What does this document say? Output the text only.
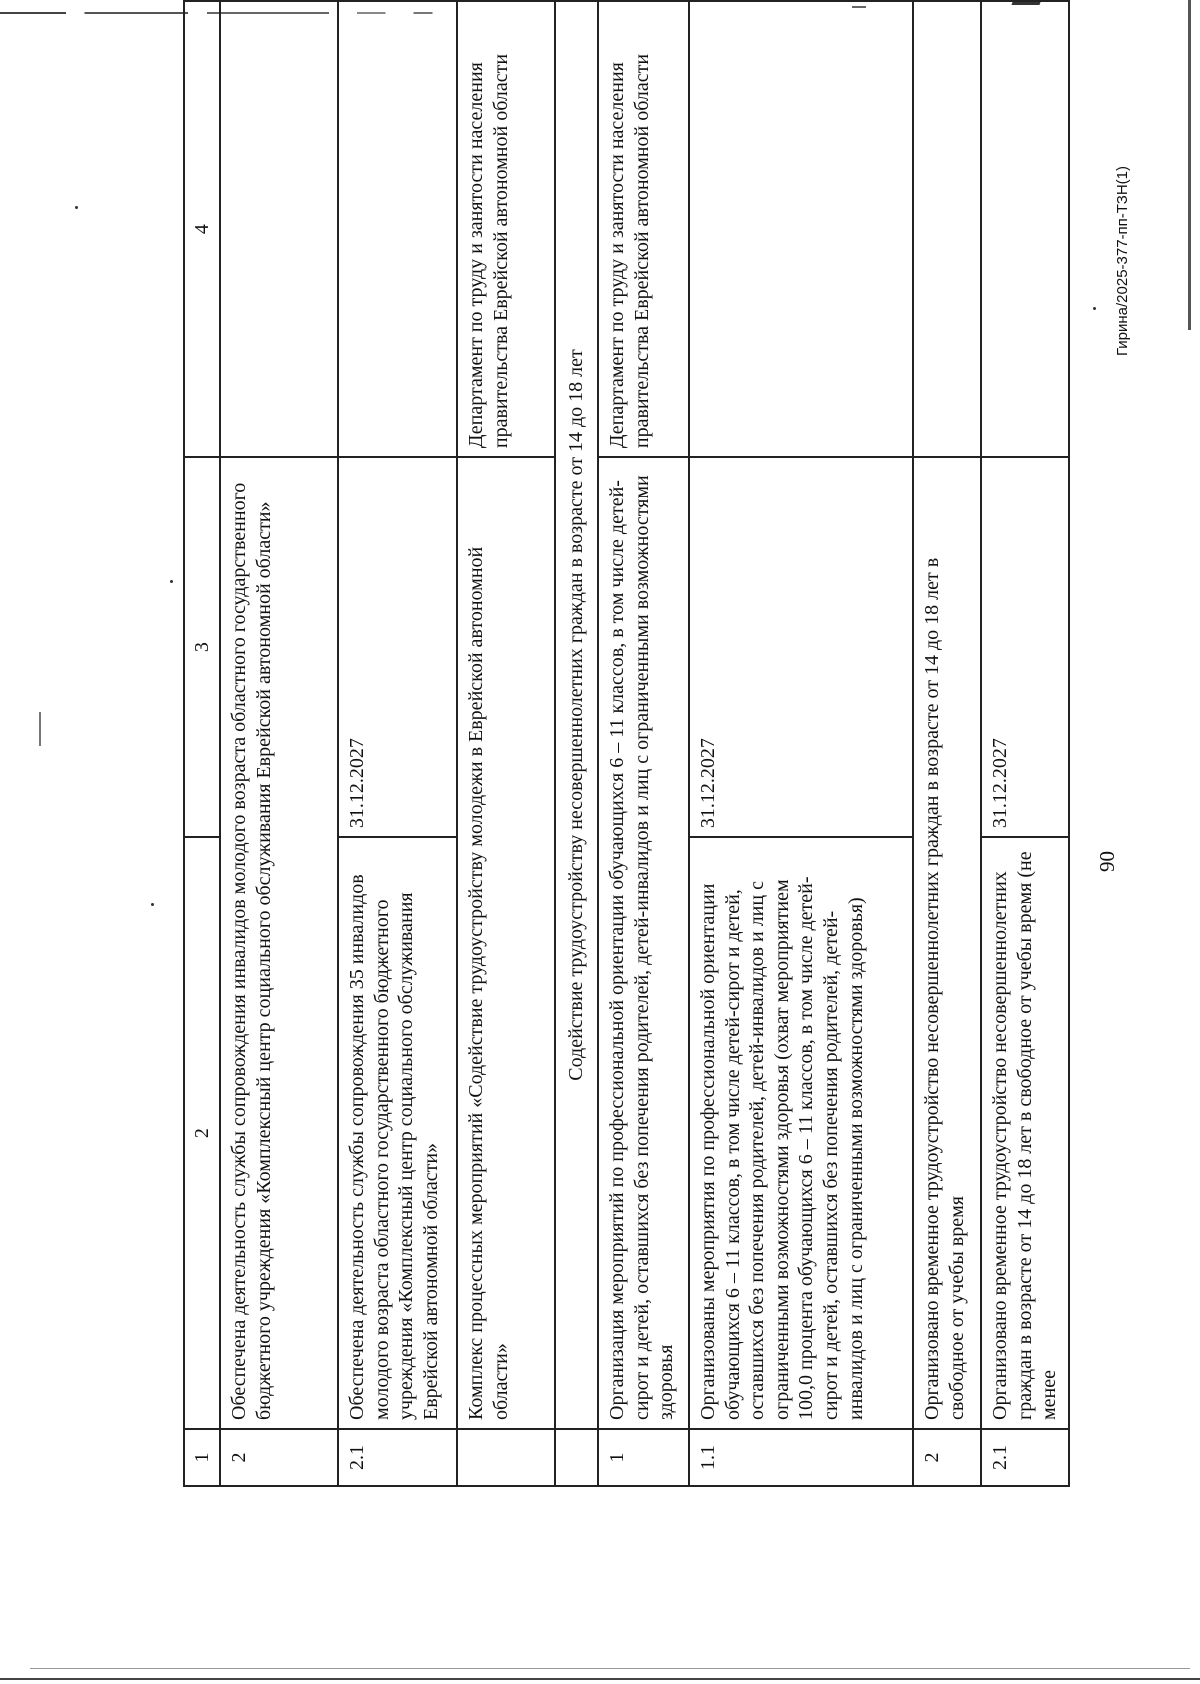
90
1	2	3	4
2	Обеспечена деятельность службы сопровождения инвалидов молодого возраста областного государственного бюджетного учреждения «Комплексный центр социального обслуживания Еврейской автономной области»		
2.1	Обеспечена деятельность службы сопровождения 35 инвалидов молодого возраста областного государственного бюджетного учреждения «Комплексный центр социального обслуживания Еврейской автономной области»	31.12.2027	
	Комплекс процессных мероприятий «Содействие трудоустройству молодежи в Еврейской автономной области»		Департамент по труду и занятости населения правительства Еврейской автономной области
	Содействие трудоустройству несовершеннолетних граждан в возрасте от 14 до 18 лет		
1	Организация мероприятий по профессиональной ориентации обучающихся 6 – 11 классов, в том числе детей-сирот и детей, оставшихся без попечения родителей, детей-инвалидов и лиц с ограниченными возможностями здоровья		Департамент по труду и занятости населения правительства Еврейской автономной области
1.1	Организованы мероприятия по профессиональной ориентации обучающихся 6 – 11 классов, в том числе детей-сирот и детей, оставшихся без попечения родителей, детей-инвалидов и лиц с ограниченными возможностями здоровья (охват мероприятием 100,0 процента обучающихся 6 – 11 классов, в том числе детей-сирот и детей, оставшихся без попечения родителей, детей-инвалидов и лиц с ограниченными возможностями здоровья)	31.12.2027	
2	Организовано временное трудоустройство несовершеннолетних граждан в возрасте от 14 до 18 лет в свободное от учебы время		
2.1	Организовано временное трудоустройство несовершеннолетних граждан в возрасте от 14 до 18 лет в свободное от учебы время (не менее	31.12.2027	
Гирина/2025-377-пп-ТЗН(1)
